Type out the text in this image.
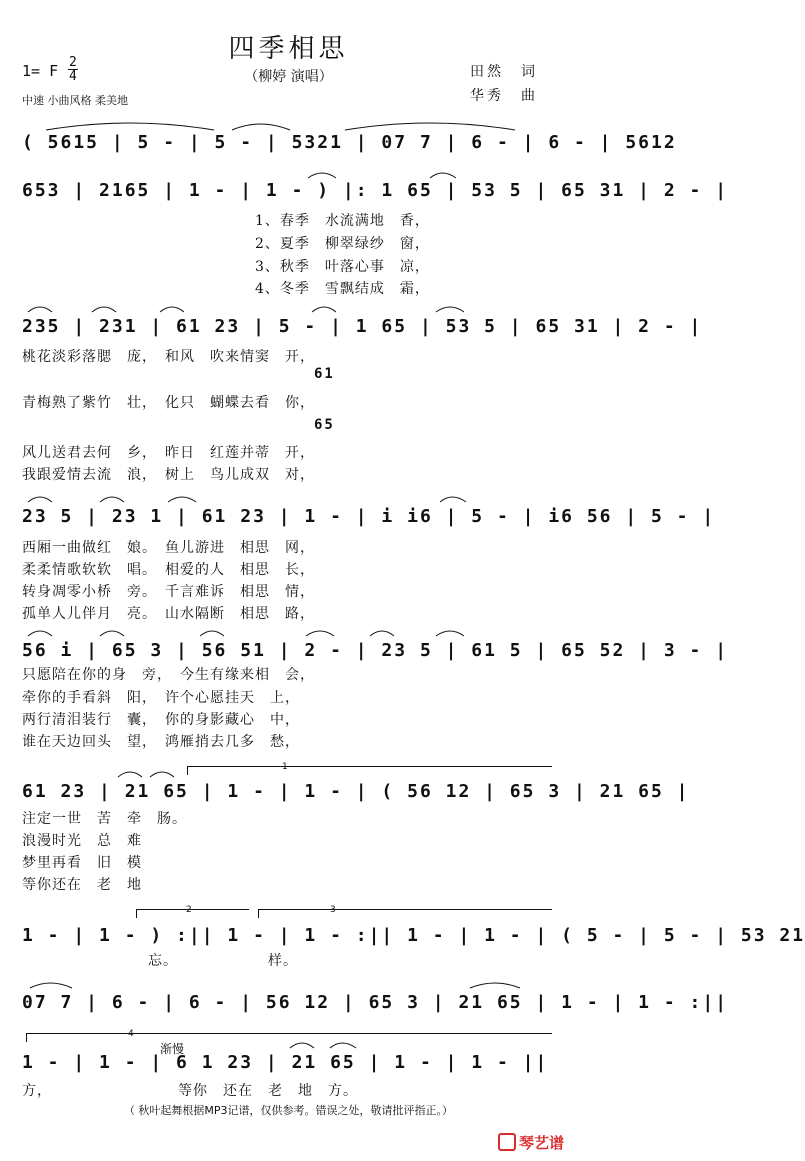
四季相思
（柳婷 演唱）
1= F 2
4
中速 小曲风格 柔美地
田然　词
华秀　曲
( 5615 | 5 - | 5 - | 5321 | 07 7 | 6 - | 6 - | 5612
653 | 2165 | 1 - | 1 - ) |: 1 65 | 53 5 | 65 31 | 2 - |
1、春季　水流满地　香，
2、夏季　柳翠绿纱　窗，
3、秋季　叶落心事　凉，
4、冬季　雪飘结成　霜，
235 | 231 | 61 23 | 5 - | 1 65 | 53 5 | 65 31 | 2 - |
桃花淡彩落腮　庞，　和风　吹来情窦　开，
61
青梅熟了紫竹　壮，　化只　蝴蝶去看　你，
65
风儿送君去何　乡，　昨日　红莲并蒂　开，
我跟爱情去流　浪，　树上　鸟儿成双　对，
23 5 | 23 1 | 61 23 | 1 - | i i6 | 5 - | i6 56 | 5 - |
西厢一曲做红　娘。　鱼儿游进　相思　网，
柔柔情歌软软　唱。　相爱的人　相思　长，
转身凋零小桥　旁。　千言难诉　相思　情，
孤单人儿伴月　亮。　山水隔断　相思　路，
56 i | 65 3 | 56 51 | 2 - | 23 5 | 61 5 | 65 52 | 3 - |
只愿陪在你的身　旁，　今生有缘来相　会，
牵你的手看斜　阳，　许个心愿挂天　上，
两行清泪装行　囊，　你的身影藏心　中，
谁在天边回头　望，　鸿雁捎去几多　愁，
1
61 23 | 21 65 | 1 - | 1 - | ( 56 12 | 65 3 | 21 65 |
注定一世　苦　牵　肠。
浪漫时光　总　难
梦里再看　旧　模
等你还在　老　地
2	3
1 - | 1 - ) :|| 1 - | 1 - :|| 1 - | 1 - | ( 5 - | 5 - | 53 21
忘。	样。
07 7 | 6 - | 6 - | 56 12 | 65 3 | 21 65 | 1 - | 1 - :||
4
渐慢
1 - | 1 - | 6 1 23 | 21 65 | 1 - | 1 - ||
方，	等你　还在　老　地　方。
（ 秋叶起舞根据MP3记谱，仅供参考。错误之处，敬请批评指正。）
琴艺谱
